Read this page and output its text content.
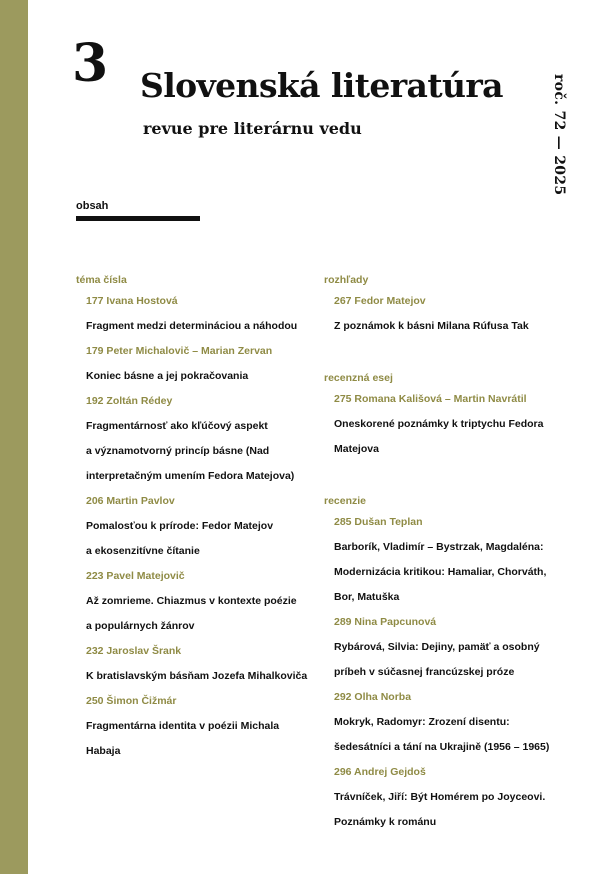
3 Slovenská literatúra
revue pre literárnu vedu	roč. 72 — 2025
obsah
téma čísla
177 Ivana Hostová
Fragment medzi determináciou a náhodou
179 Peter Michalovič – Marian Zervan
Koniec básne a jej pokračovania
192 Zoltán Rédey
Fragmentárnosť ako kľúčový aspekt
a významotvorný princíp básne (Nad
interpretačným umením Fedora Matejova)
206 Martin Pavlov
Pomalosťou k prírode: Fedor Matejov
a ekosenzitívne čítanie
223 Pavel Matejovič
Až zomrieme. Chiazmus v kontexte poézie
a populárnych žánrov
232 Jaroslav Šrank
K bratislavským básňam Jozefa Mihalkoviča
250 Šimon Čižmár
Fragmentárna identita v poézii Michala
Habaja
rozhľady
267 Fedor Matejov
Z poznámok k básni Milana Rúfusa Tak
recenzná esej
275 Romana Kališová – Martin Navrátil
Oneskorené poznámky k triptychu Fedora
Matejova
recenzie
285 Dušan Teplan
Barborík, Vladimír – Bystrzak, Magdaléna:
Modernizácia kritikou: Hamaliar, Chorváth,
Bor, Matuška
289 Nina Papcunová
Rybárová, Silvia: Dejiny, pamäť a osobný
príbeh v súčasnej francúzskej próze
292 Olha Norba
Mokryk, Radomyr: Zrození disentu:
šedesátníci a tání na Ukrajině (1956 – 1965)
296 Andrej Gejdoš
Trávníček, Jiří: Být Homérem po Joyceovi.
Poznámky k románu
